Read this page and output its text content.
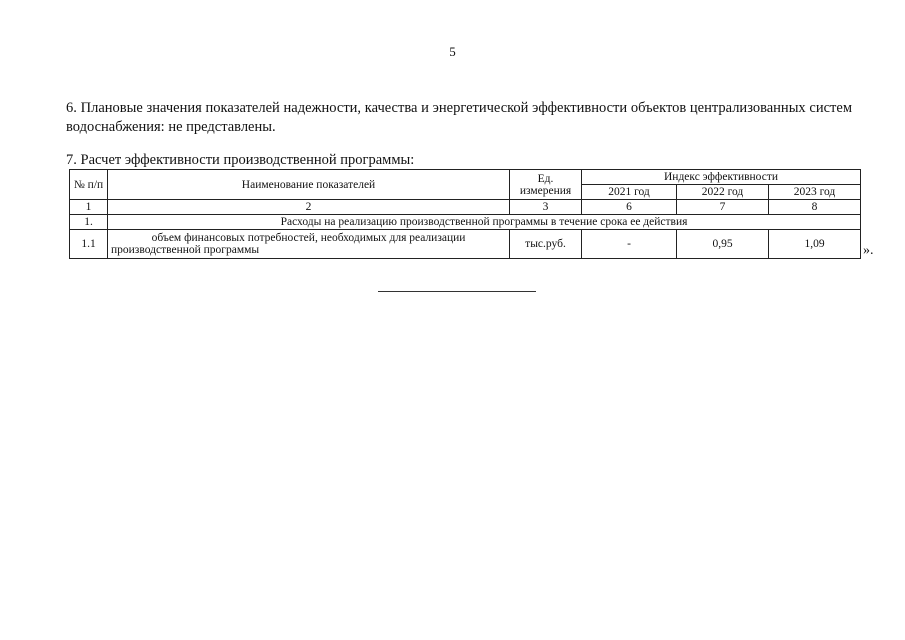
5
6. Плановые значения показателей надежности, качества и энергетической эффективности объектов централизованных систем водоснабжения: не представлены.
7. Расчет эффективности производственной программы:
№ п/п	Наименование показателей	Ед. измерения	Индекс эффективности		
			2021 год	2022 год	2023 год
1	2	3	6	7	8
1.	Расходы на реализацию производственной программы в течение срока ее действия				
1.1	объем финансовых потребностей, необходимых для реализации производственной программы	тыс.руб.	-	0,95	1,09	».
